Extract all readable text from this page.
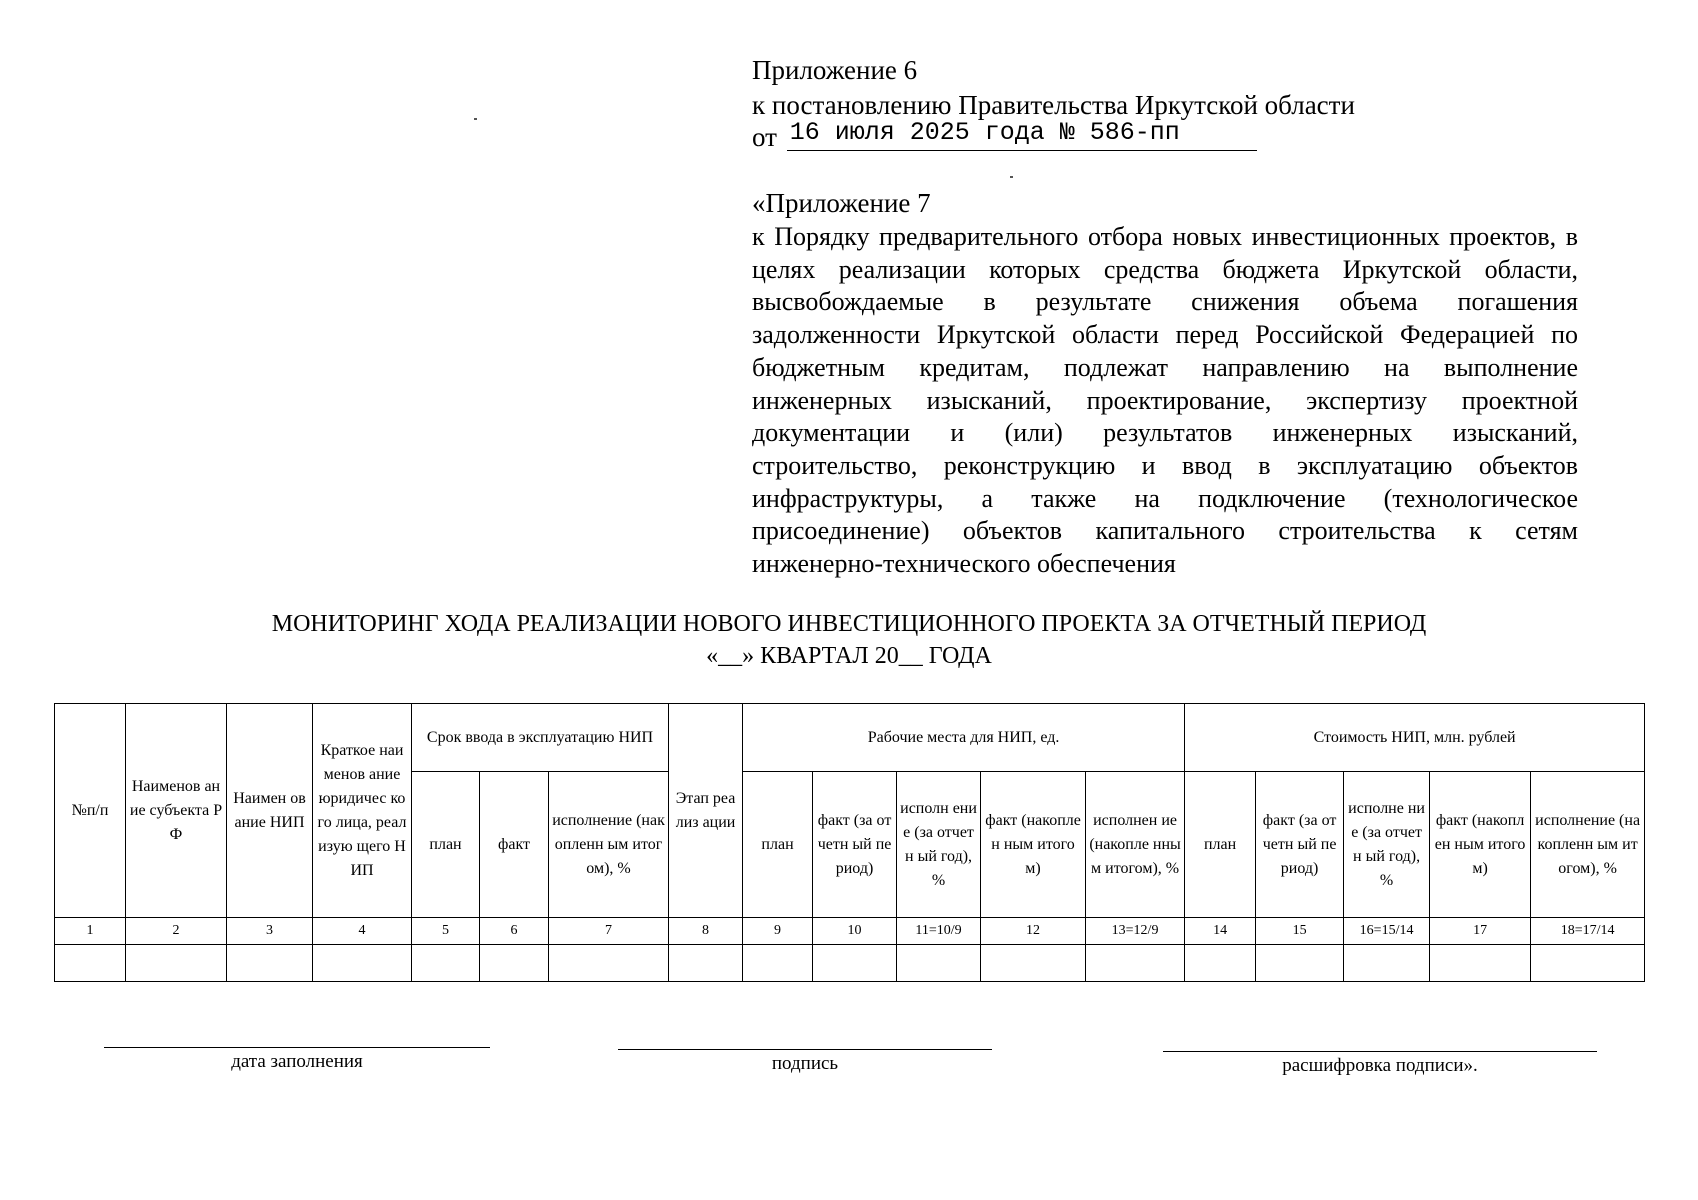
Приложение 6
к постановлению Правительства Иркутской области
от 16 июля 2025 года № 586-пп
«Приложение 7
к Порядку предварительного отбора новых инвестиционных проектов, в целях реализации которых средства бюджета Иркутской области, высвобождаемые в результате снижения объема погашения задолженности Иркутской области перед Российской Федерацией по бюджетным кредитам, подлежат направлению на выполнение инженерных изысканий, проектирование, экспертизу проектной документации и (или) результатов инженерных изысканий, строительство, реконструкцию и ввод в эксплуатацию объектов инфраструктуры, а также на подключение (технологическое присоединение) объектов капитального строительства к сетям инженерно-технического обеспечения
МОНИТОРИНГ ХОДА РЕАЛИЗАЦИИ НОВОГО ИНВЕСТИЦИОННОГО ПРОЕКТА ЗА ОТЧЕТНЫЙ ПЕРИОД
«__» КВАРТАЛ 20__ ГОДА
№п/п	Наименов ание субъекта РФ	Наимен ование НИП	Краткое наименов ание юридичес кого лица, реализую щего НИП	Срок ввода в эксплуатацию НИП			Этап реализ ации	Рабочие места для НИП, ед.					Стоимость НИП, млн. рублей				
				план	факт	исполнение (накопленн ым итогом), %		план	факт (за отчетн ый период)	исполн ение (за отчетн ый год), %	факт (накоплен ным итогом)	исполнен ие (накопле нным итогом), %	план	факт (за отчетн ый период)	исполне ние (за отчетн ый год), %	факт (накоплен ным итогом)	исполнение (накопленн ым итогом), %
1	2	3	4	5	6	7	8	9	10	11=10/9	12	13=12/9	14	15	16=15/14	17	18=17/14

дата заполнения	подпись	расшифровка подписи».
